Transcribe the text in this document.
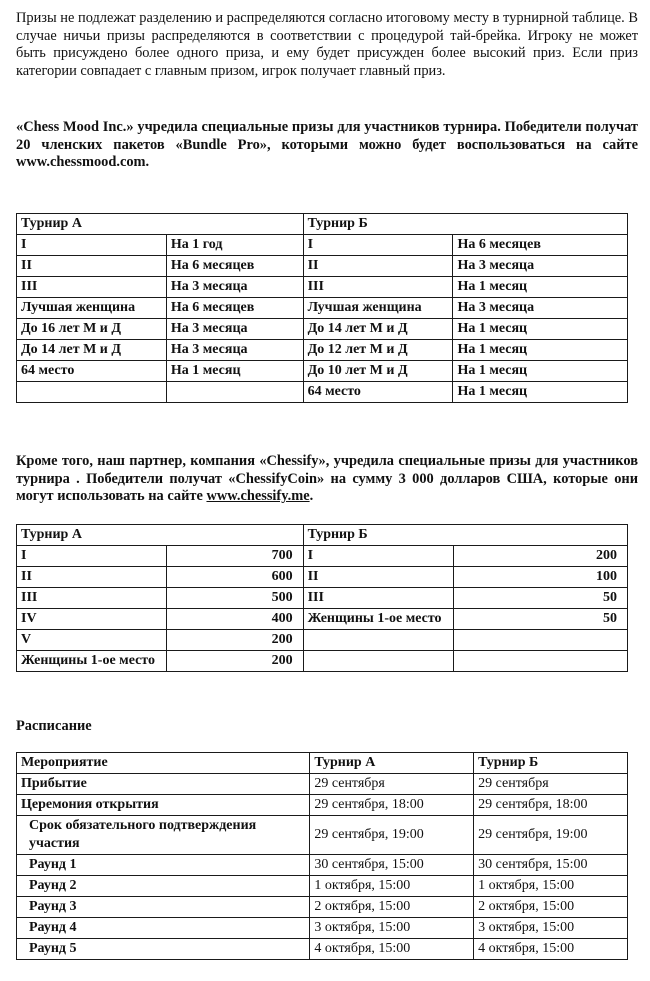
Призы не подлежат разделению и распределяются согласно итоговому месту в турнирной таблице. В случае ничьи призы распределяются в соответствии с процедурой тай-брейка. Игроку не может быть присуждено более одного приза, и ему будет присужден более высокий приз. Если приз категории совпадает с главным призом, игрок получает главный приз.

«Chess Mood Inc.» учредила специальные призы для участников турнира. Победители получат 20 членских пакетов «Bundle Pro», которыми можно будет воспользоваться на сайте www.chessmood.com.

Турнир А		Турнир Б	
I	На 1 год	I	На 6 месяцев
II	На 6 месяцев	II	На 3 месяца
III	На 3 месяца	III	На 1 месяц
Лучшая женщина	На 6 месяцев	Лучшая женщина	На 3 месяца
До 16 лет М и Д	На 3 месяца	До 14 лет М и Д	На 1 месяц
До 14 лет М и Д	На 3 месяца	До 12 лет М и Д	На 1 месяц
64 место	На 1 месяц	До 10 лет М и Д	На 1 месяц
		64 место	На 1 месяц

Кроме того, наш партнер, компания «Chessify», учредила специальные призы для участников турнира . Победители получат «ChessifyCoin» на сумму 3 000 долларов США, которые они могут использовать на сайте www.chessify.me.

Турнир А		Турнир Б	
I	700	I	200
II	600	II	100
III	500	III	50
IV	400	Женщины 1-ое место	50
V	200		
Женщины 1-ое место	200		

Расписание

Мероприятие	Турнир А	Турнир Б
Прибытие	29 сентября	29 сентября
Церемония открытия	29 сентября, 18:00	29 сентября, 18:00
Срок обязательного подтверждения участия	29 сентября, 19:00	29 сентября, 19:00
Раунд 1	30 сентября, 15:00	30 сентября, 15:00
Раунд 2	1 октября, 15:00	1 октября, 15:00
Раунд 3	2 октября, 15:00	2 октября, 15:00
Раунд 4	3 октября, 15:00	3 октября, 15:00
Раунд 5	4 октября, 15:00	4 октября, 15:00
